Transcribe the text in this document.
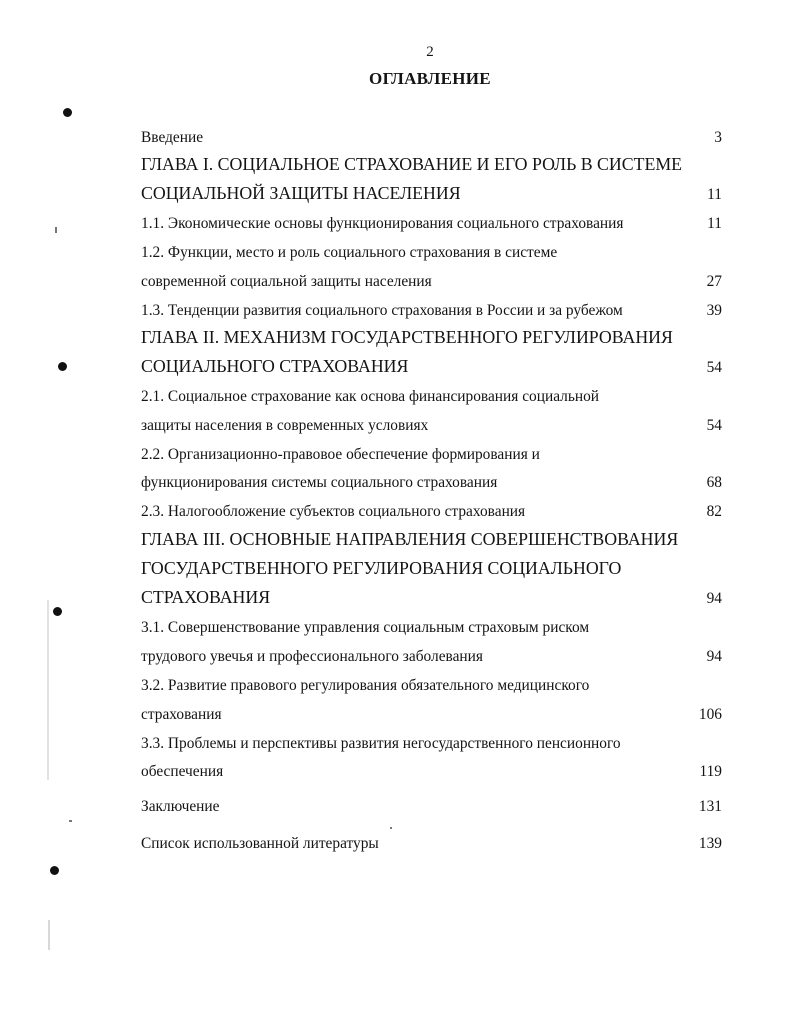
2
ОГЛАВЛЕНИЕ
Введение	3
ГЛАВА I. СОЦИАЛЬНОЕ СТРАХОВАНИЕ И ЕГО РОЛЬ В СИСТЕМЕ
СОЦИАЛЬНОЙ ЗАЩИТЫ НАСЕЛЕНИЯ	11
1.1. Экономические основы функционирования социального страхования	11
1.2. Функции, место и роль социального страхования в системе
современной социальной защиты населения	27
1.3. Тенденции развития социального страхования в России и за рубежом	39
ГЛАВА II. МЕХАНИЗМ ГОСУДАРСТВЕННОГО РЕГУЛИРОВАНИЯ
СОЦИАЛЬНОГО СТРАХОВАНИЯ	54
2.1. Социальное страхование как основа финансирования социальной
защиты населения в современных условиях	54
2.2. Организационно-правовое обеспечение формирования и
функционирования системы социального страхования	68
2.3. Налогообложение субъектов социального страхования	82
ГЛАВА III. ОСНОВНЫЕ НАПРАВЛЕНИЯ СОВЕРШЕНСТВОВАНИЯ
ГОСУДАРСТВЕННОГО РЕГУЛИРОВАНИЯ СОЦИАЛЬНОГО
СТРАХОВАНИЯ	94
3.1. Совершенствование управления социальным страховым риском
трудового увечья и профессионального заболевания	94
3.2. Развитие правового регулирования обязательного медицинского
страхования	106
3.3. Проблемы и перспективы развития негосударственного пенсионного
обеспечения	119
Заключение	131
Список использованной литературы	139
